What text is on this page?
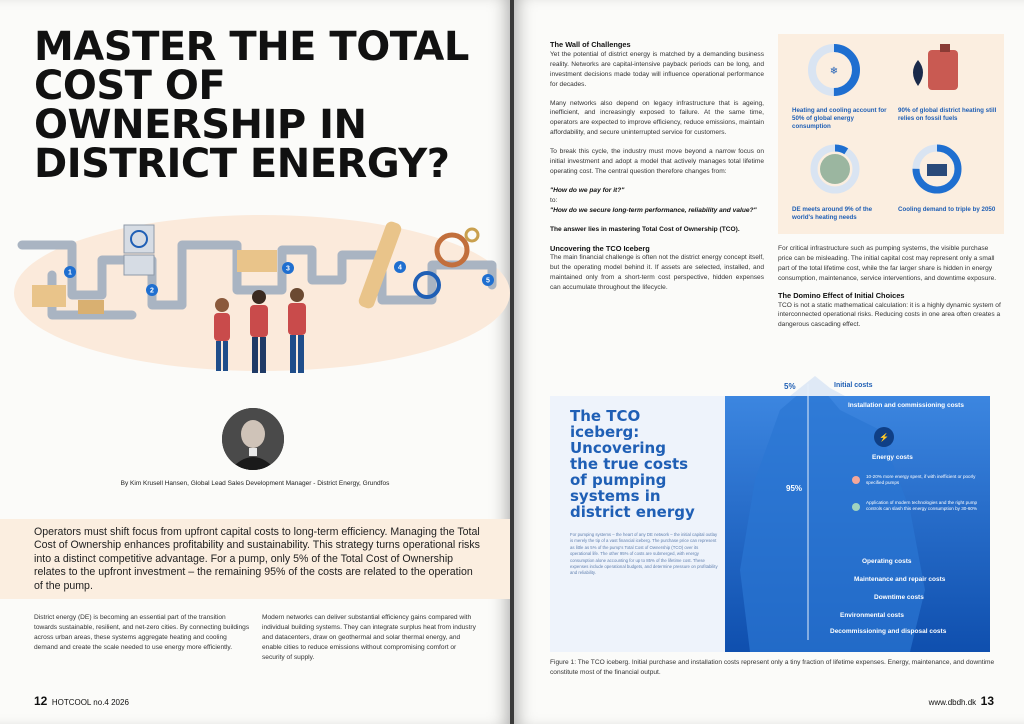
MASTER THE TOTAL COST OF OWNERSHIP IN DISTRICT ENERGY?
1
2
3	4
5
By Kim Krusell Hansen, Global Lead Sales Development Manager - District Energy, Grundfos

Operators must shift focus from upfront capital costs to long-term efficiency. Managing the Total Cost of Ownership enhances profitability and sustainability. This strategy turns operational risks into a distinct competitive advantage. For a pump, only 5% of the Total Cost of Ownership relates to the upfront investment – the remaining 95% of the costs are related to the operation of the pump.

District energy (DE) is becoming an essential part of the transition towards sustainable, resilient, and net-zero cities. By connecting buildings across urban areas, these systems aggregate heating and cooling demand and create the scale needed to use energy more efficiently.

Modern networks can deliver substantial efficiency gains compared with individual building systems. They can integrate surplus heat from industry and datacenters, draw on geothermal and solar thermal energy, and enable cities to reduce emissions without compromising comfort or security of supply.

12 HOTCOOL no.4 2026
The Wall of Challenges

Yet the potential of district energy is matched by a demanding business reality. Networks are capital-intensive payback periods can be long, and investment decisions made today will influence operational performance for decades.

Many networks also depend on legacy infrastructure that is ageing, inefficient, and increasingly exposed to failure. At the same time, operators are expected to improve efficiency, reduce emissions, maintain affordability, and secure uninterrupted service for customers.

To break this cycle, the industry must move beyond a narrow focus on initial investment and adopt a model that actively manages total lifetime operating cost. The central question therefore changes from:

"How do we pay for it?"

to:

"How do we secure long-term performance, reliability and value?"

The answer lies in mastering Total Cost of Ownership (TCO).

Uncovering the TCO Iceberg

The main financial challenge is often not the district energy concept itself, but the operating model behind it. If assets are selected, installed, and maintained only from a short-term cost perspective, hidden expenses can accumulate throughout the lifecycle.

❄
Heating and cooling account for 50% of global energy consumption
90% of global district heating still relies on fossil fuels
DE meets around 9% of the world's heating needs
Cooling demand to triple by 2050

For critical infrastructure such as pumping systems, the visible purchase price can be misleading. The initial capital cost may represent only a small part of the total lifetime cost, while the far larger share is hidden in energy consumption, maintenance, service interventions, and downtime exposure.

The Domino Effect of Initial Choices

TCO is not a static mathematical calculation: it is a highly dynamic system of interconnected operational risks. Reducing costs in one area often creates a dangerous cascading effect.

⚡
The TCO
iceberg:
Uncovering
the true costs
of pumping
systems in
district energy

For pumping systems – the heart of any DE network – the initial capital outlay is merely the tip of a vast financial iceberg. The purchase price can represent as little as 5% of the pump's Total Cost of Ownership (TCO) over its operational life. The other 95% of costs are submerged, with energy consumption alone accounting for up to 85% of the lifetime cost. These expenses include operational budgets, and determine pressure on profitability and reliability.

5%	Initial costs
Installation and commissioning costs
95%
Energy costs
10-20% more energy spent, if with inefficient or poorly specified pumps
Application of modern technologies and the right pump controls can slash this energy consumption by 30-60%
Operating costs
Maintenance and repair costs
Downtime costs
Environmental costs
Decommissioning and disposal costs

Figure 1: The TCO iceberg. Initial purchase and installation costs represent only a tiny fraction of lifetime expenses. Energy, maintenance, and downtime constitute most of the financial output.

www.dbdh.dk 13
